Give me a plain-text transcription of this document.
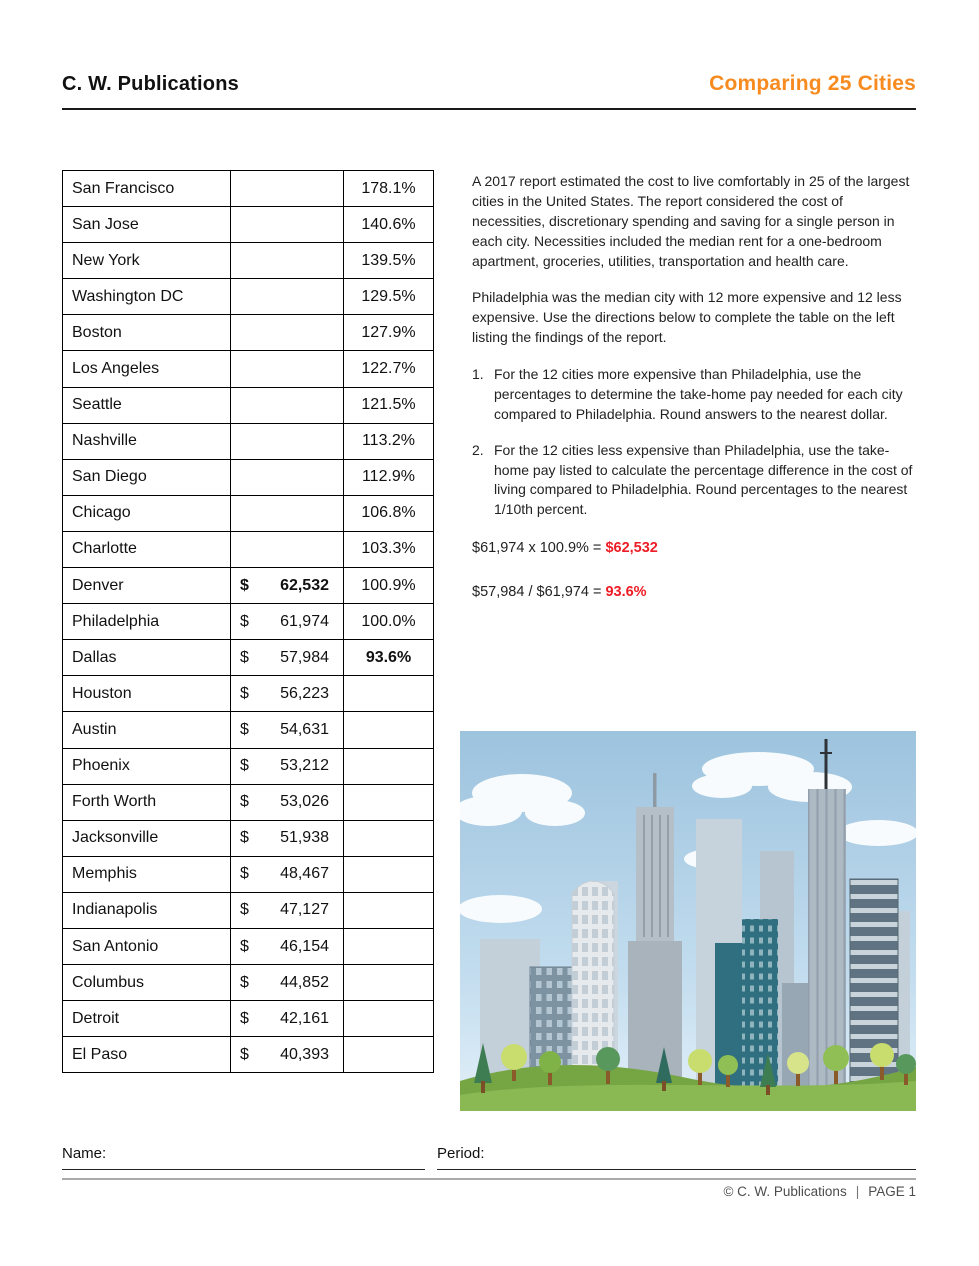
C. W. Publications	Comparing 25 Cities
San Francisco		178.1%
San Jose		140.6%
New York		139.5%
Washington DC		129.5%
Boston		127.9%
Los Angeles		122.7%
Seattle		121.5%
Nashville		113.2%
San Diego		112.9%
Chicago		106.8%
Charlotte		103.3%
Denver	$ 62,532	100.9%
Philadelphia	$ 61,974	100.0%
Dallas	$ 57,984	93.6%
Houston	$ 56,223	
Austin	$ 54,631	
Phoenix	$ 53,212	
Forth Worth	$ 53,026	
Jacksonville	$ 51,938	
Memphis	$ 48,467	
Indianapolis	$ 47,127	
San Antonio	$ 46,154	
Columbus	$ 44,852	
Detroit	$ 42,161	
El Paso	$ 40,393	

A 2017 report estimated the cost to live comfortably in 25 of the largest cities in the United States. The report considered the cost of necessities, discretionary spending and saving for a single person in each city. Necessities included the median rent for a one-bedroom apartment, groceries, utilities, transportation and health care.

Philadelphia was the median city with 12 more expensive and 12 less expensive. Use the directions below to complete the table on the left listing the findings of the report.

1. For the 12 cities more expensive than Philadelphia, use the percentages to determine the take-home pay needed for each city compared to Philadelphia. Round answers to the nearest dollar.
2. For the 12 cities less expensive than Philadelphia, use the take-home pay listed to calculate the percentage difference in the cost of living compared to Philadelphia. Round percentages to the nearest 1/10th percent.
$61,974 x 100.9% = $62,532
$57,984 / $61,974 = 93.6%
Name:	Period:
© C. W. Publications | PAGE 1
